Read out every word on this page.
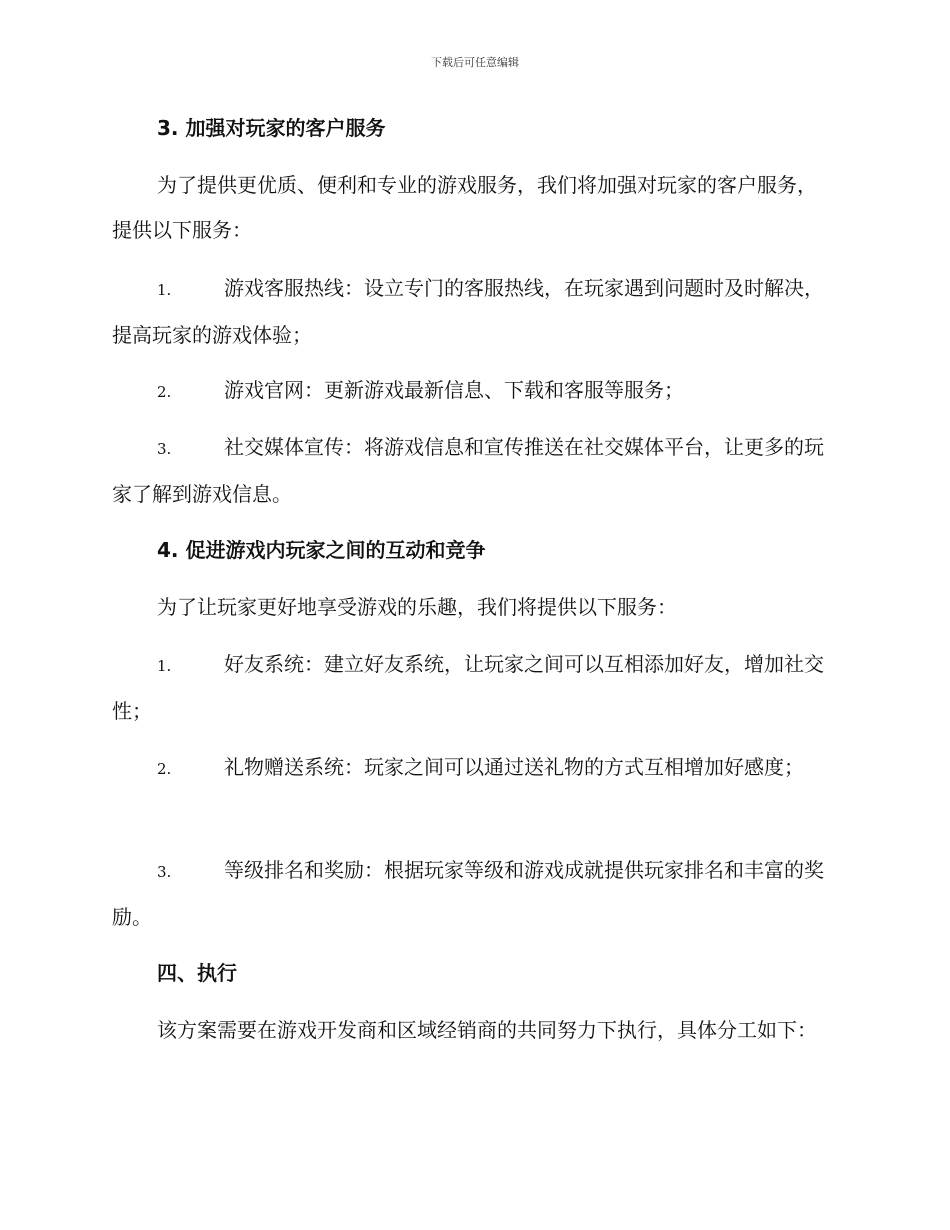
下载后可任意编辑
3. 加强对玩家的客户服务
为了提供更优质、便利和专业的游戏服务，我们将加强对玩家的客户服务，提供以下服务：
1.	游戏客服热线：设立专门的客服热线，在玩家遇到问题时及时解决，提高玩家的游戏体验；
2.	游戏官网：更新游戏最新信息、下载和客服等服务；
3.	社交媒体宣传：将游戏信息和宣传推送在社交媒体平台，让更多的玩家了解到游戏信息。
4. 促进游戏内玩家之间的互动和竞争
为了让玩家更好地享受游戏的乐趣，我们将提供以下服务：
1.	好友系统：建立好友系统，让玩家之间可以互相添加好友，增加社交性；
2.	礼物赠送系统：玩家之间可以通过送礼物的方式互相增加好感度；
3.	等级排名和奖励：根据玩家等级和游戏成就提供玩家排名和丰富的奖励。
四、执行
该方案需要在游戏开发商和区域经销商的共同努力下执行，具体分工如下：
